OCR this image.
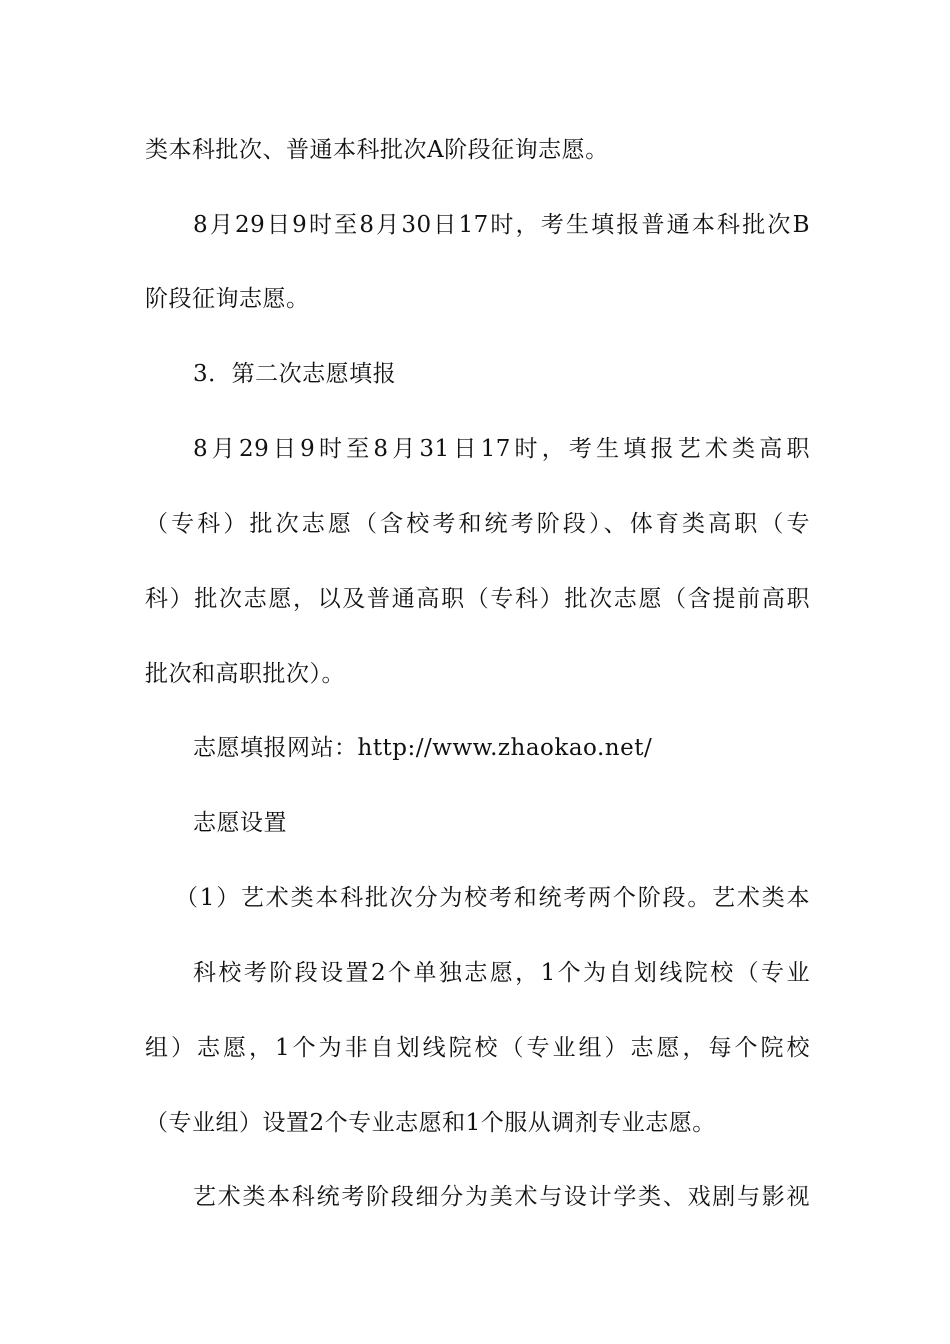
类本科批次、普通本科批次A阶段征询志愿。
8月29日9时至8月30日17时，考生填报普通本科批次B
阶段征询志愿。
3．第二次志愿填报
8月29日9时至8月31日17时，考生填报艺术类高职
（专科）批次志愿（含校考和统考阶段）、体育类高职（专
科）批次志愿，以及普通高职（专科）批次志愿（含提前高职
批次和高职批次）。
志愿填报网站：http://www.zhaokao.net/
志愿设置
（1）艺术类本科批次分为校考和统考两个阶段。艺术类本
科校考阶段设置2个单独志愿，1个为自划线院校（专业
组）志愿，1个为非自划线院校（专业组）志愿，每个院校
（专业组）设置2个专业志愿和1个服从调剂专业志愿。
艺术类本科统考阶段细分为美术与设计学类、戏剧与影视
